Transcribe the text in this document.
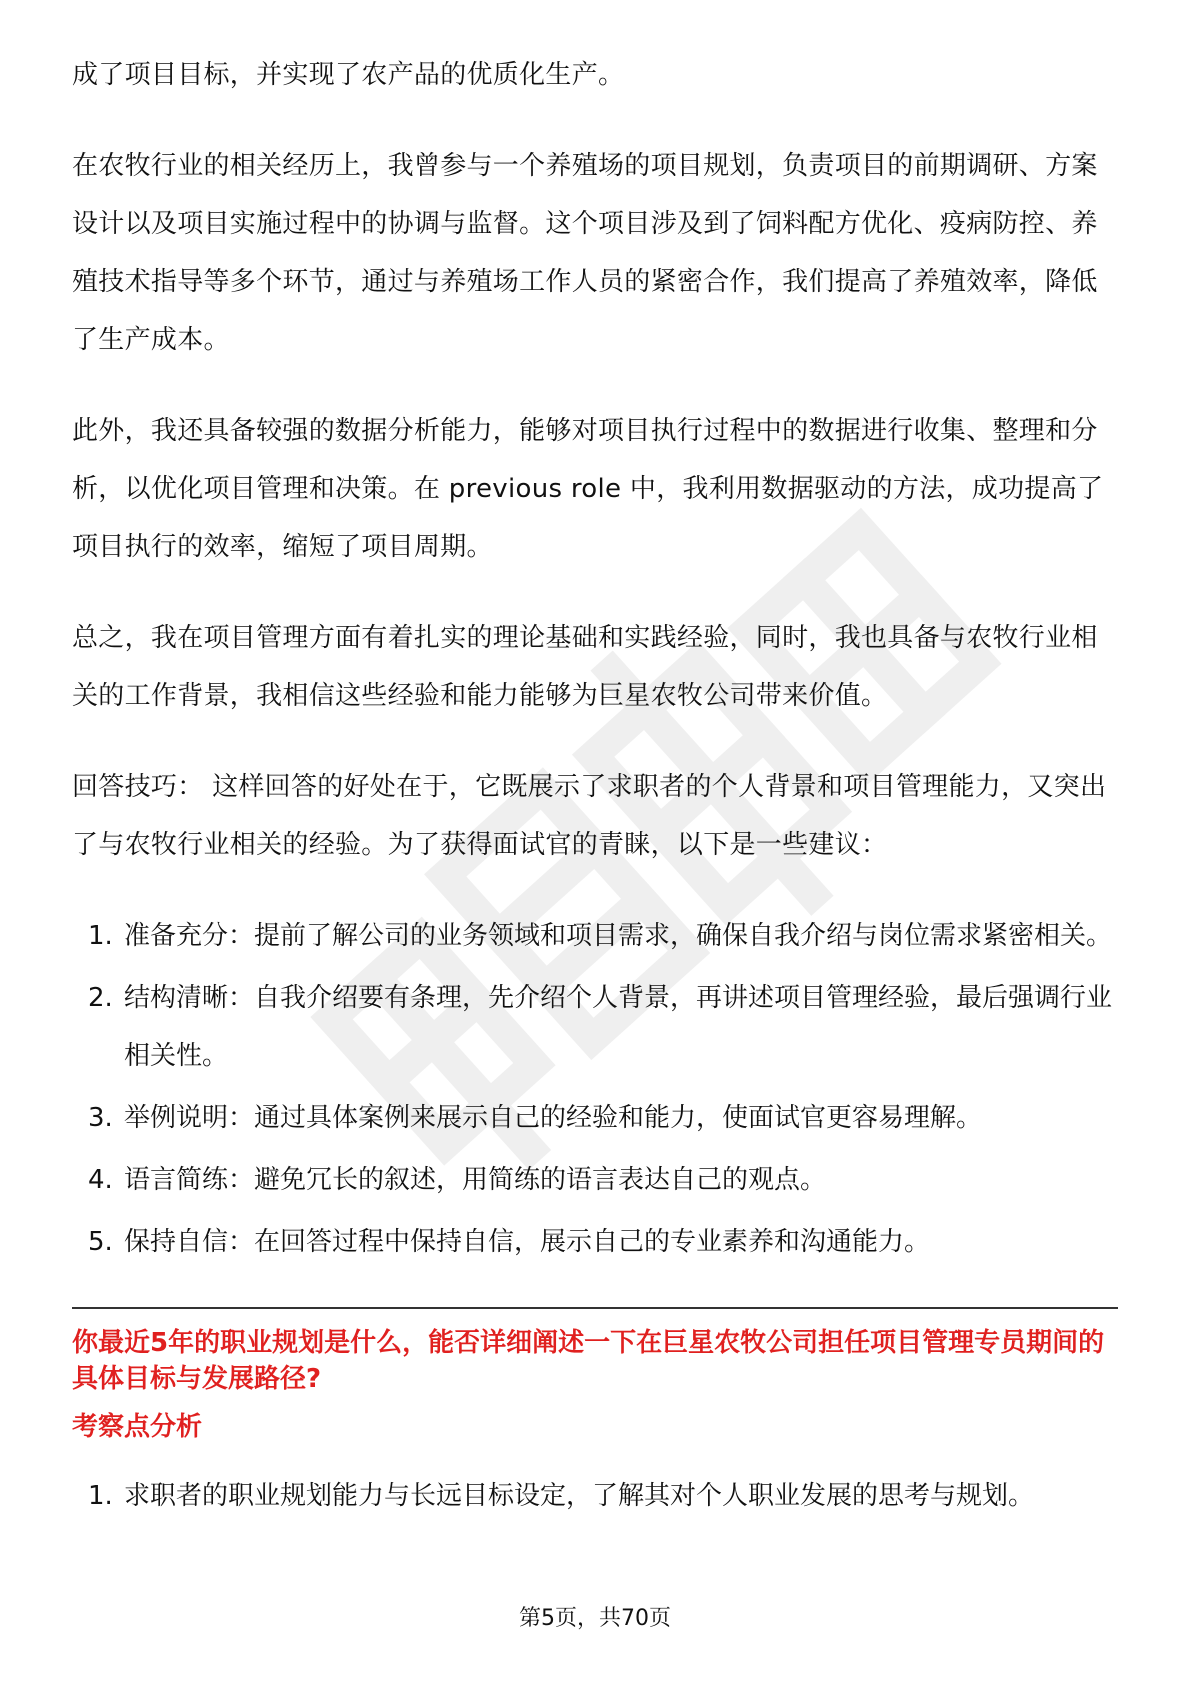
成了项目目标，并实现了农产品的优质化生产。

在农牧行业的相关经历上，我曾参与一个养殖场的项目规划，负责项目的前期调研、方案设计以及项目实施过程中的协调与监督。这个项目涉及到了饲料配方优化、疫病防控、养殖技术指导等多个环节，通过与养殖场工作人员的紧密合作，我们提高了养殖效率，降低了生产成本。

此外，我还具备较强的数据分析能力，能够对项目执行过程中的数据进行收集、整理和分析，以优化项目管理和决策。在 previous role 中，我利用数据驱动的方法，成功提高了项目执行的效率，缩短了项目周期。

总之，我在项目管理方面有着扎实的理论基础和实践经验，同时，我也具备与农牧行业相关的工作背景，我相信这些经验和能力能够为巨星农牧公司带来价值。

回答技巧： 这样回答的好处在于，它既展示了求职者的个人背景和项目管理能力，又突出了与农牧行业相关的经验。为了获得面试官的青睐，以下是一些建议：

1. 准备充分：提前了解公司的业务领域和项目需求，确保自我介绍与岗位需求紧密相关。
2. 结构清晰：自我介绍要有条理，先介绍个人背景，再讲述项目管理经验，最后强调行业相关性。
3. 举例说明：通过具体案例来展示自己的经验和能力，使面试官更容易理解。
4. 语言简练：避免冗长的叙述，用简练的语言表达自己的观点。
5. 保持自信：在回答过程中保持自信，展示自己的专业素养和沟通能力。

你最近5年的职业规划是什么，能否详细阐述一下在巨星农牧公司担任项目管理专员期间的具体目标与发展路径?

考察点分析

1. 求职者的职业规划能力与长远目标设定，了解其对个人职业发展的思考与规划。
第5页，共70页
